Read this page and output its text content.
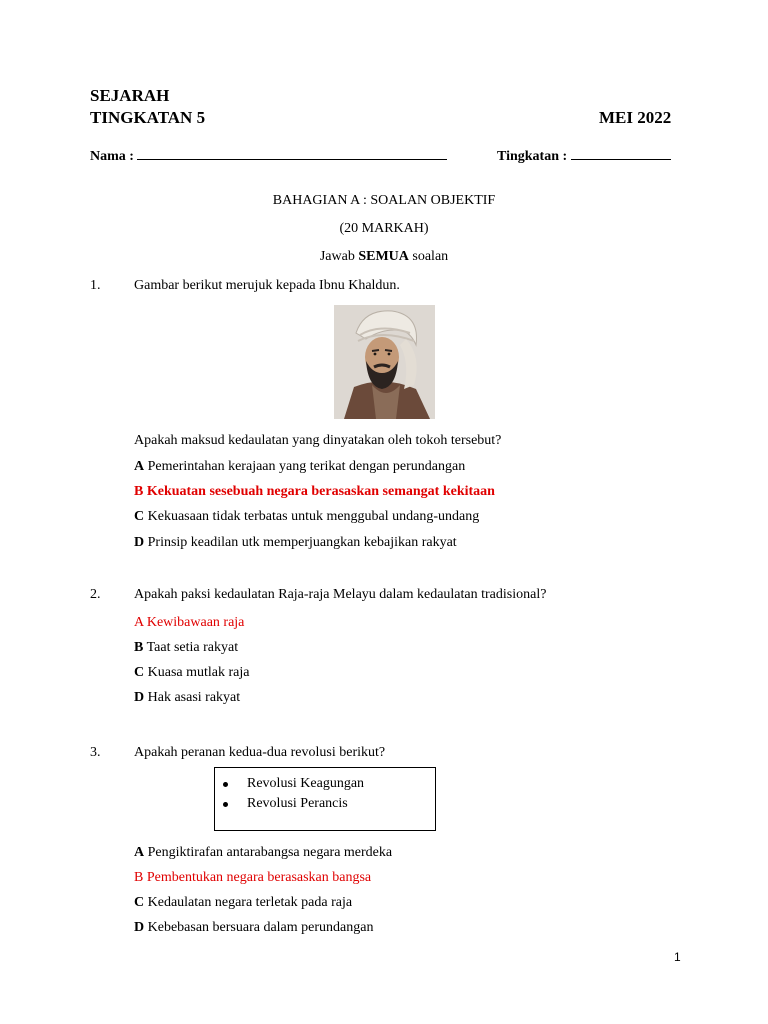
SEJARAH
TINGKATAN 5	MEI 2022
Nama :	Tingkatan :
BAHAGIAN A : SOALAN OBJEKTIF
(20 MARKAH)
Jawab SEMUA soalan
1. Gambar berikut merujuk kepada Ibnu Khaldun.
Apakah maksud kedaulatan yang dinyatakan oleh tokoh tersebut?
A Pemerintahan kerajaan yang terikat dengan perundangan
B Kekuatan sesebuah negara berasaskan semangat kekitaan
C Kekuasaan tidak terbatas untuk menggubal undang-undang
D Prinsip keadilan utk memperjuangkan kebajikan rakyat
2. Apakah paksi kedaulatan Raja-raja Melayu dalam kedaulatan tradisional?
A Kewibawaan raja
B Taat setia rakyat
C Kuasa mutlak raja
D Hak asasi rakyat
3. Apakah peranan kedua-dua revolusi berikut?
Revolusi Keagungan
Revolusi Perancis
A Pengiktirafan antarabangsa negara merdeka
B Pembentukan negara berasaskan bangsa
C Kedaulatan negara terletak pada raja
D Kebebasan bersuara dalam perundangan
1
